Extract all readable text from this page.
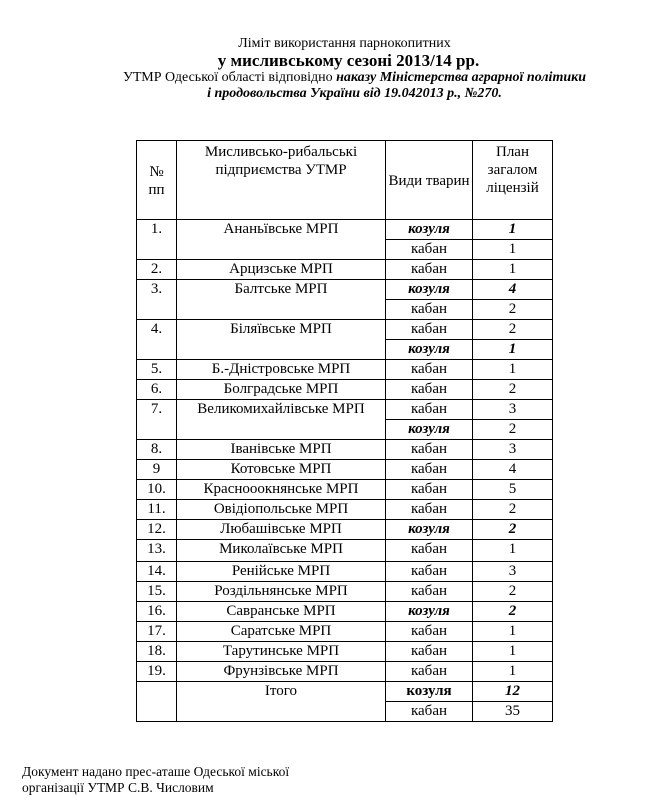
Ліміт використання парнокопитних
у мисливському сезоні 2013/14 рр.
УТМР Одеської області відповідно наказу Міністерства аграрної політики
і продовольства України від 19.042013 р., №270.
№
пп	Мисливсько-рибальські підприємства УТМР	Види тварин	План загалом ліцензій
1.	Ананьївське МРП	козуля	1
		кабан	1
2.	Арцизське МРП	кабан	1
3.	Балтське МРП	козуля	4
		кабан	2
4.	Біляївське МРП	кабан	2
		козуля	1
5.	Б.-Дністровське МРП	кабан	1
6.	Болградське МРП	кабан	2
7.	Великомихайлівське МРП	кабан	3
		козуля	2
8.	Іванівське МРП	кабан	3
9	Котовське МРП	кабан	4
10.	Краснооокнянське МРП	кабан	5
11.	Овідіопольське МРП	кабан	2
12.	Любашівське МРП	козуля	2
13.	Миколаївське МРП	кабан	1
14.	Ренійське МРП	кабан	3
15.	Роздільнянське МРП	кабан	2
16.	Савранське МРП	козуля	2
17.	Саратське МРП	кабан	1
18.	Тарутинське МРП	кабан	1
19.	Фрунзівське МРП	кабан	1
	Ітого	козуля	12
		кабан	35
Документ надано прес-аташе Одеської міської
організації УТМР С.В. Числовим
